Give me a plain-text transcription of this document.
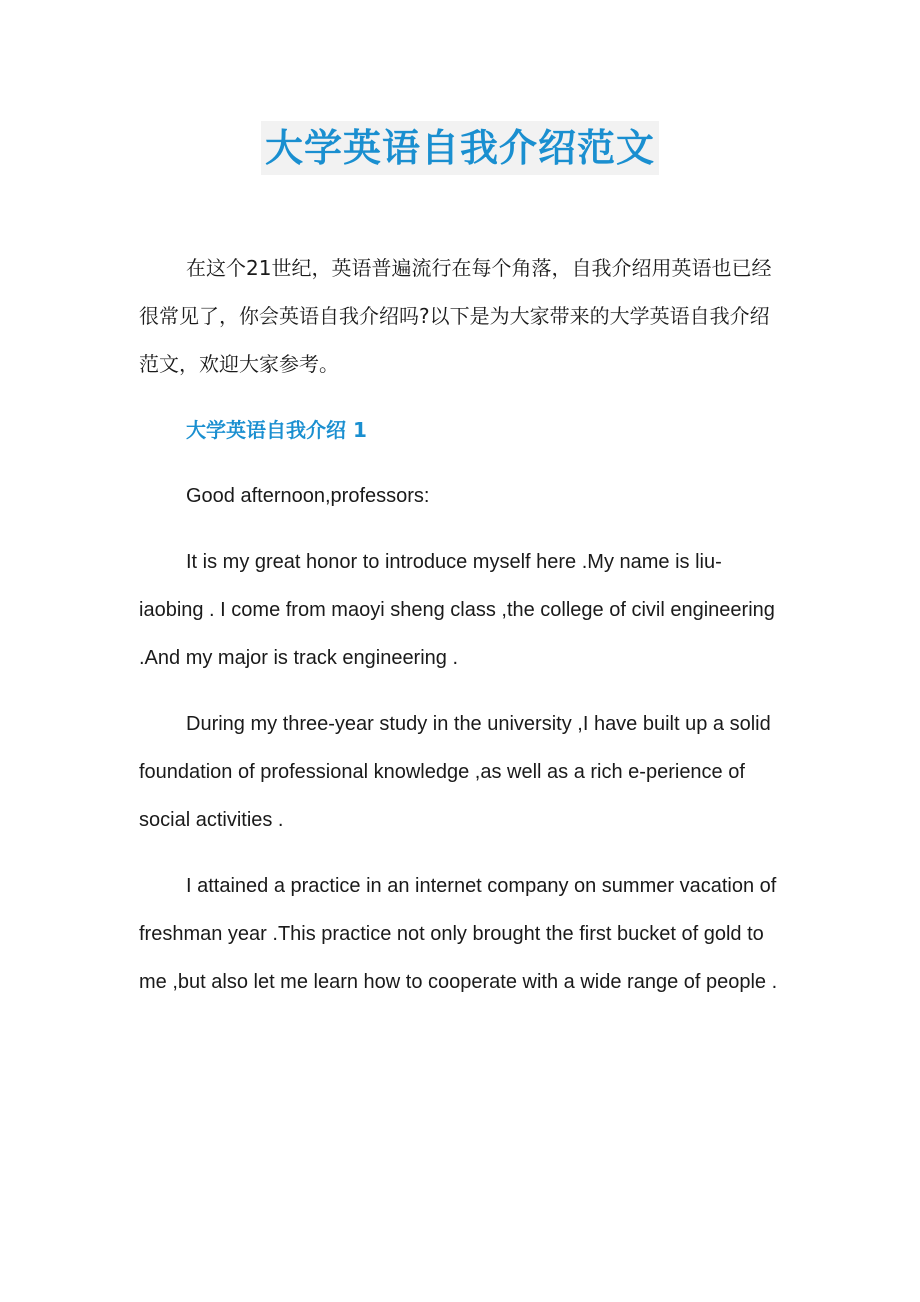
大学英语自我介绍范文

在这个21世纪，英语普遍流行在每个角落，自我介绍用英语也已经很常见了，你会英语自我介绍吗?以下是为大家带来的大学英语自我介绍范文，欢迎大家参考。

大学英语自我介绍 1

Good afternoon,professors:

It is my great honor to introduce myself here .My name is liu-iaobing . I come from maoyi sheng class ,the college of civil engineering .And my major is track engineering .

During my three-year study in the university ,I have built up a solid foundation of professional knowledge ,as well as a rich e-perience of social activities .

I attained a practice in an internet company on summer vacation of freshman year .This practice not only brought the first bucket of gold to me ,but also let me learn how to cooperate with a wide range of people .
